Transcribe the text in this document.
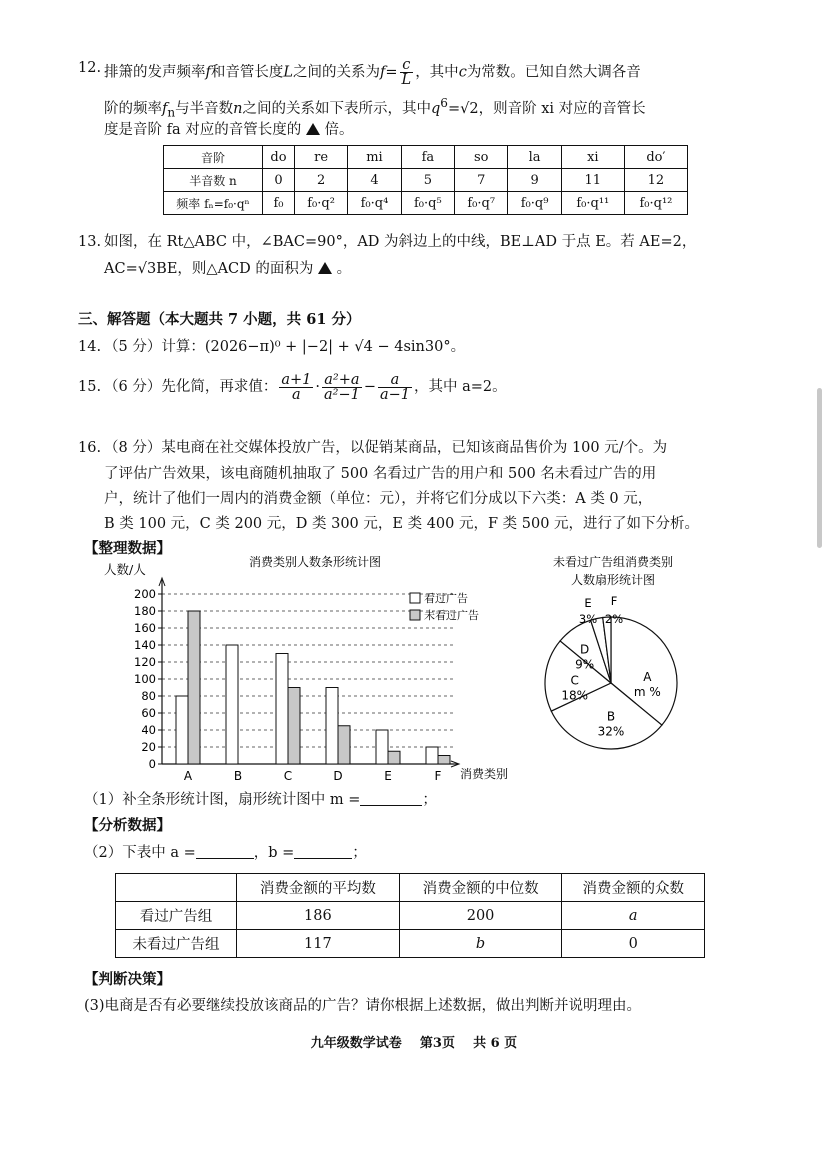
12. 排箫的发声频率f和音管长度L之间的关系为$f= \frac{c}{L}$ ，其中c为常数。已知自然大调各音
阶的频率$f_n$与半音数n之间的关系如下表所示，其中$q^6=√2$，则音阶 xi 对应的音管长
度是音阶 fa 对应的音管长度的 倍。
音阶	do	re	mi	fa	so	la	xi	do′
半音数 n	0	2	4	5	7	9	11	12
频率 fₙ=f₀·qⁿ	f₀	f₀·q²	f₀·q⁴	f₀·q⁵	f₀·q⁷	f₀·q⁹	f₀·q¹¹	f₀·q¹²
13. 如图，在 Rt△ABC 中，∠BAC=90°，AD 为斜边上的中线，BE⊥AD 于点 E。若 AE=2，
AC=√3BE，则△ACD 的面积为 。
三、解答题（本大题共 7 小题，共 61 分）
14. （5 分）计算：(2026−π)⁰ + |−2| + √4 − 4sin30°。
15. （6 分）先化简，再求值： $\frac{a+1}{a} \cdot \frac{\text{a²+a}}{\text{a²−1}} - \frac{a}{a-1}$ ，其中 a=2。
16. （8 分）某电商在社交媒体投放广告，以促销某商品，已知该商品售价为 100 元/个。为
了评估广告效果，该电商随机抽取了 500 名看过广告的用户和 500 名未看过广告的用
户，统计了他们一周内的消费金额（单位：元），并将它们分成以下六类：A 类 0 元，
B 类 100 元，C 类 200 元，D 类 300 元，E 类 400 元，F 类 500 元，进行了如下分析。
【整理数据】
消费类别人数条形统计图
人数/人
0
20
40
60
80
100
120
140
160
180
200
A	B	C	D	E	F 消费类别
看过广告
未看过广告
未看过广告组消费类别
人数扇形统计图
A
m %
B
32%
C
18%
D
9%
E
3%
F
2%
（1）补全条形统计图，扇形统计图中 m =	；
【分析数据】
（2）下表中 a =	，b =	；
	消费金额的平均数	消费金额的中位数	消费金额的众数
看过广告组	186	200	a
未看过广告组	117	b	0
【判断决策】
(3)电商是否有必要继续投放该商品的广告？请你根据上述数据，做出判断并说明理由。
九年级数学试卷 第3页 共 6 页
